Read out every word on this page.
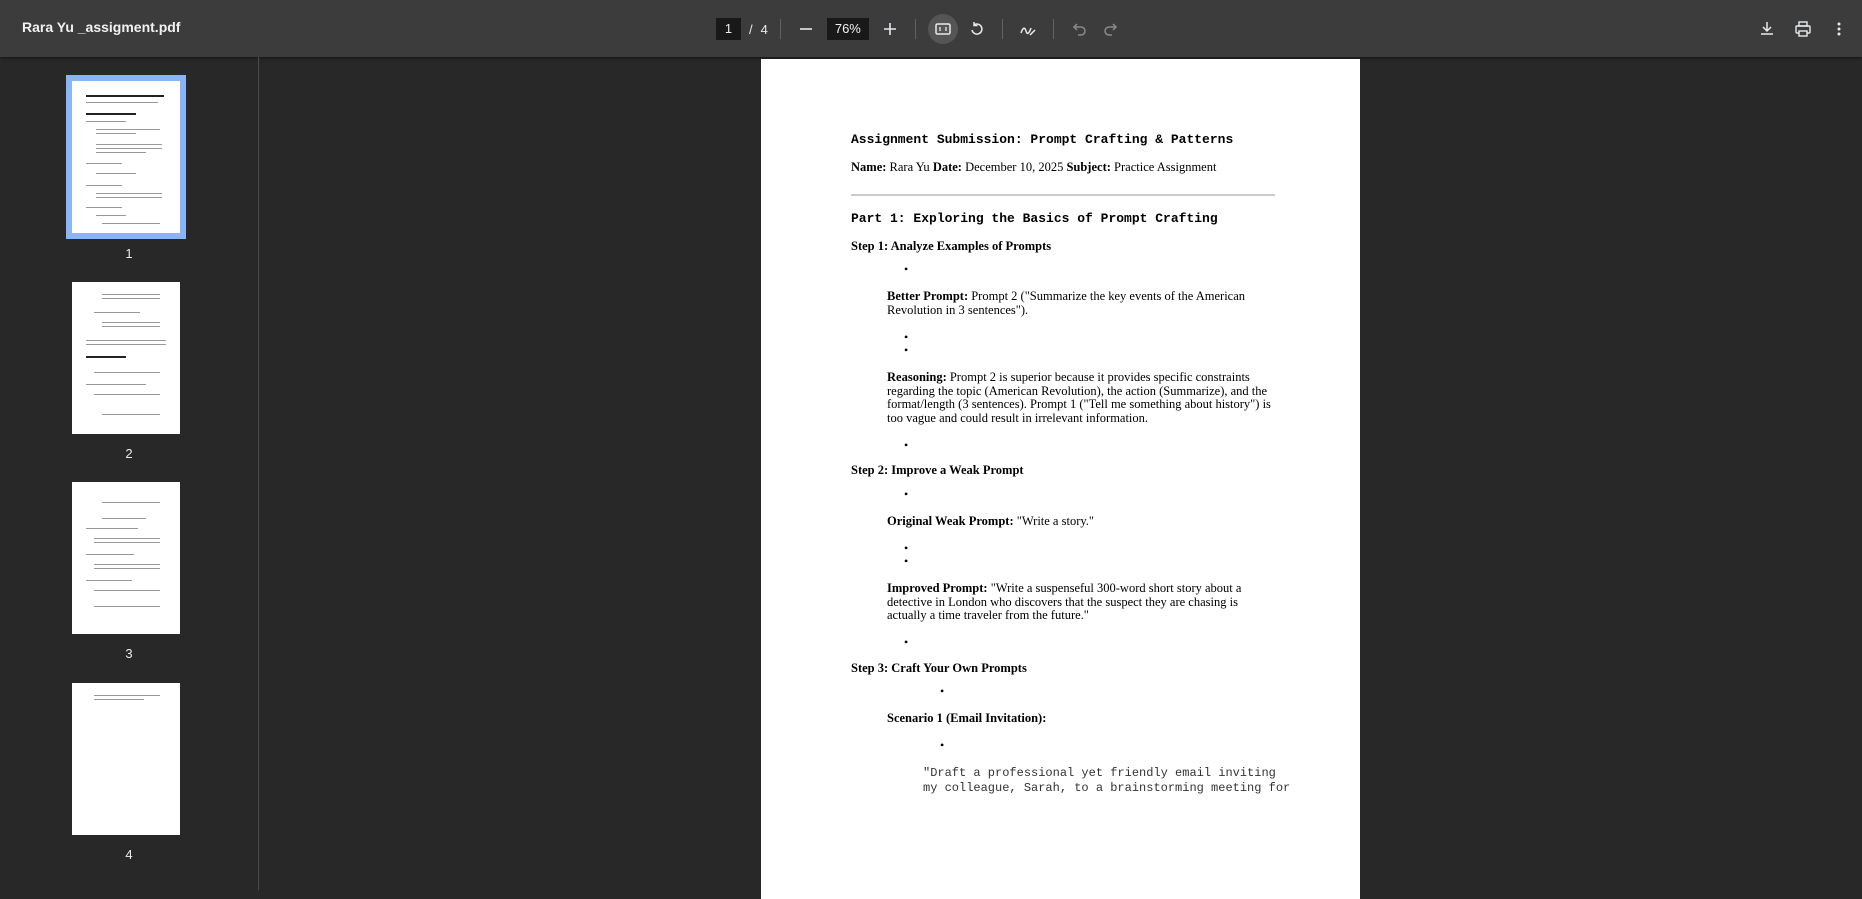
Rara Yu _assigment.pdf	1	/ 4	76%
1
2
3
4
Assignment Submission: Prompt Crafting & Patterns
Name: Rara Yu Date: December 10, 2025 Subject: Practice Assignment
Part 1: Exploring the Basics of Prompt Crafting
Step 1: Analyze Examples of Prompts
•
Better Prompt: Prompt 2 ("Summarize the key events of the American Revolution in 3 sentences").
•
•
Reasoning: Prompt 2 is superior because it provides specific constraints regarding the topic (American Revolution), the action (Summarize), and the format/length (3 sentences). Prompt 1 ("Tell me something about history") is too vague and could result in irrelevant information.
•
Step 2: Improve a Weak Prompt
•
Original Weak Prompt: "Write a story."
•
•
Improved Prompt: "Write a suspenseful 300-word short story about a detective in London who discovers that the suspect they are chasing is actually a time traveler from the future."
•
Step 3: Craft Your Own Prompts
•
Scenario 1 (Email Invitation):
•
"Draft a professional yet friendly email inviting
my colleague, Sarah, to a brainstorming meeting for
